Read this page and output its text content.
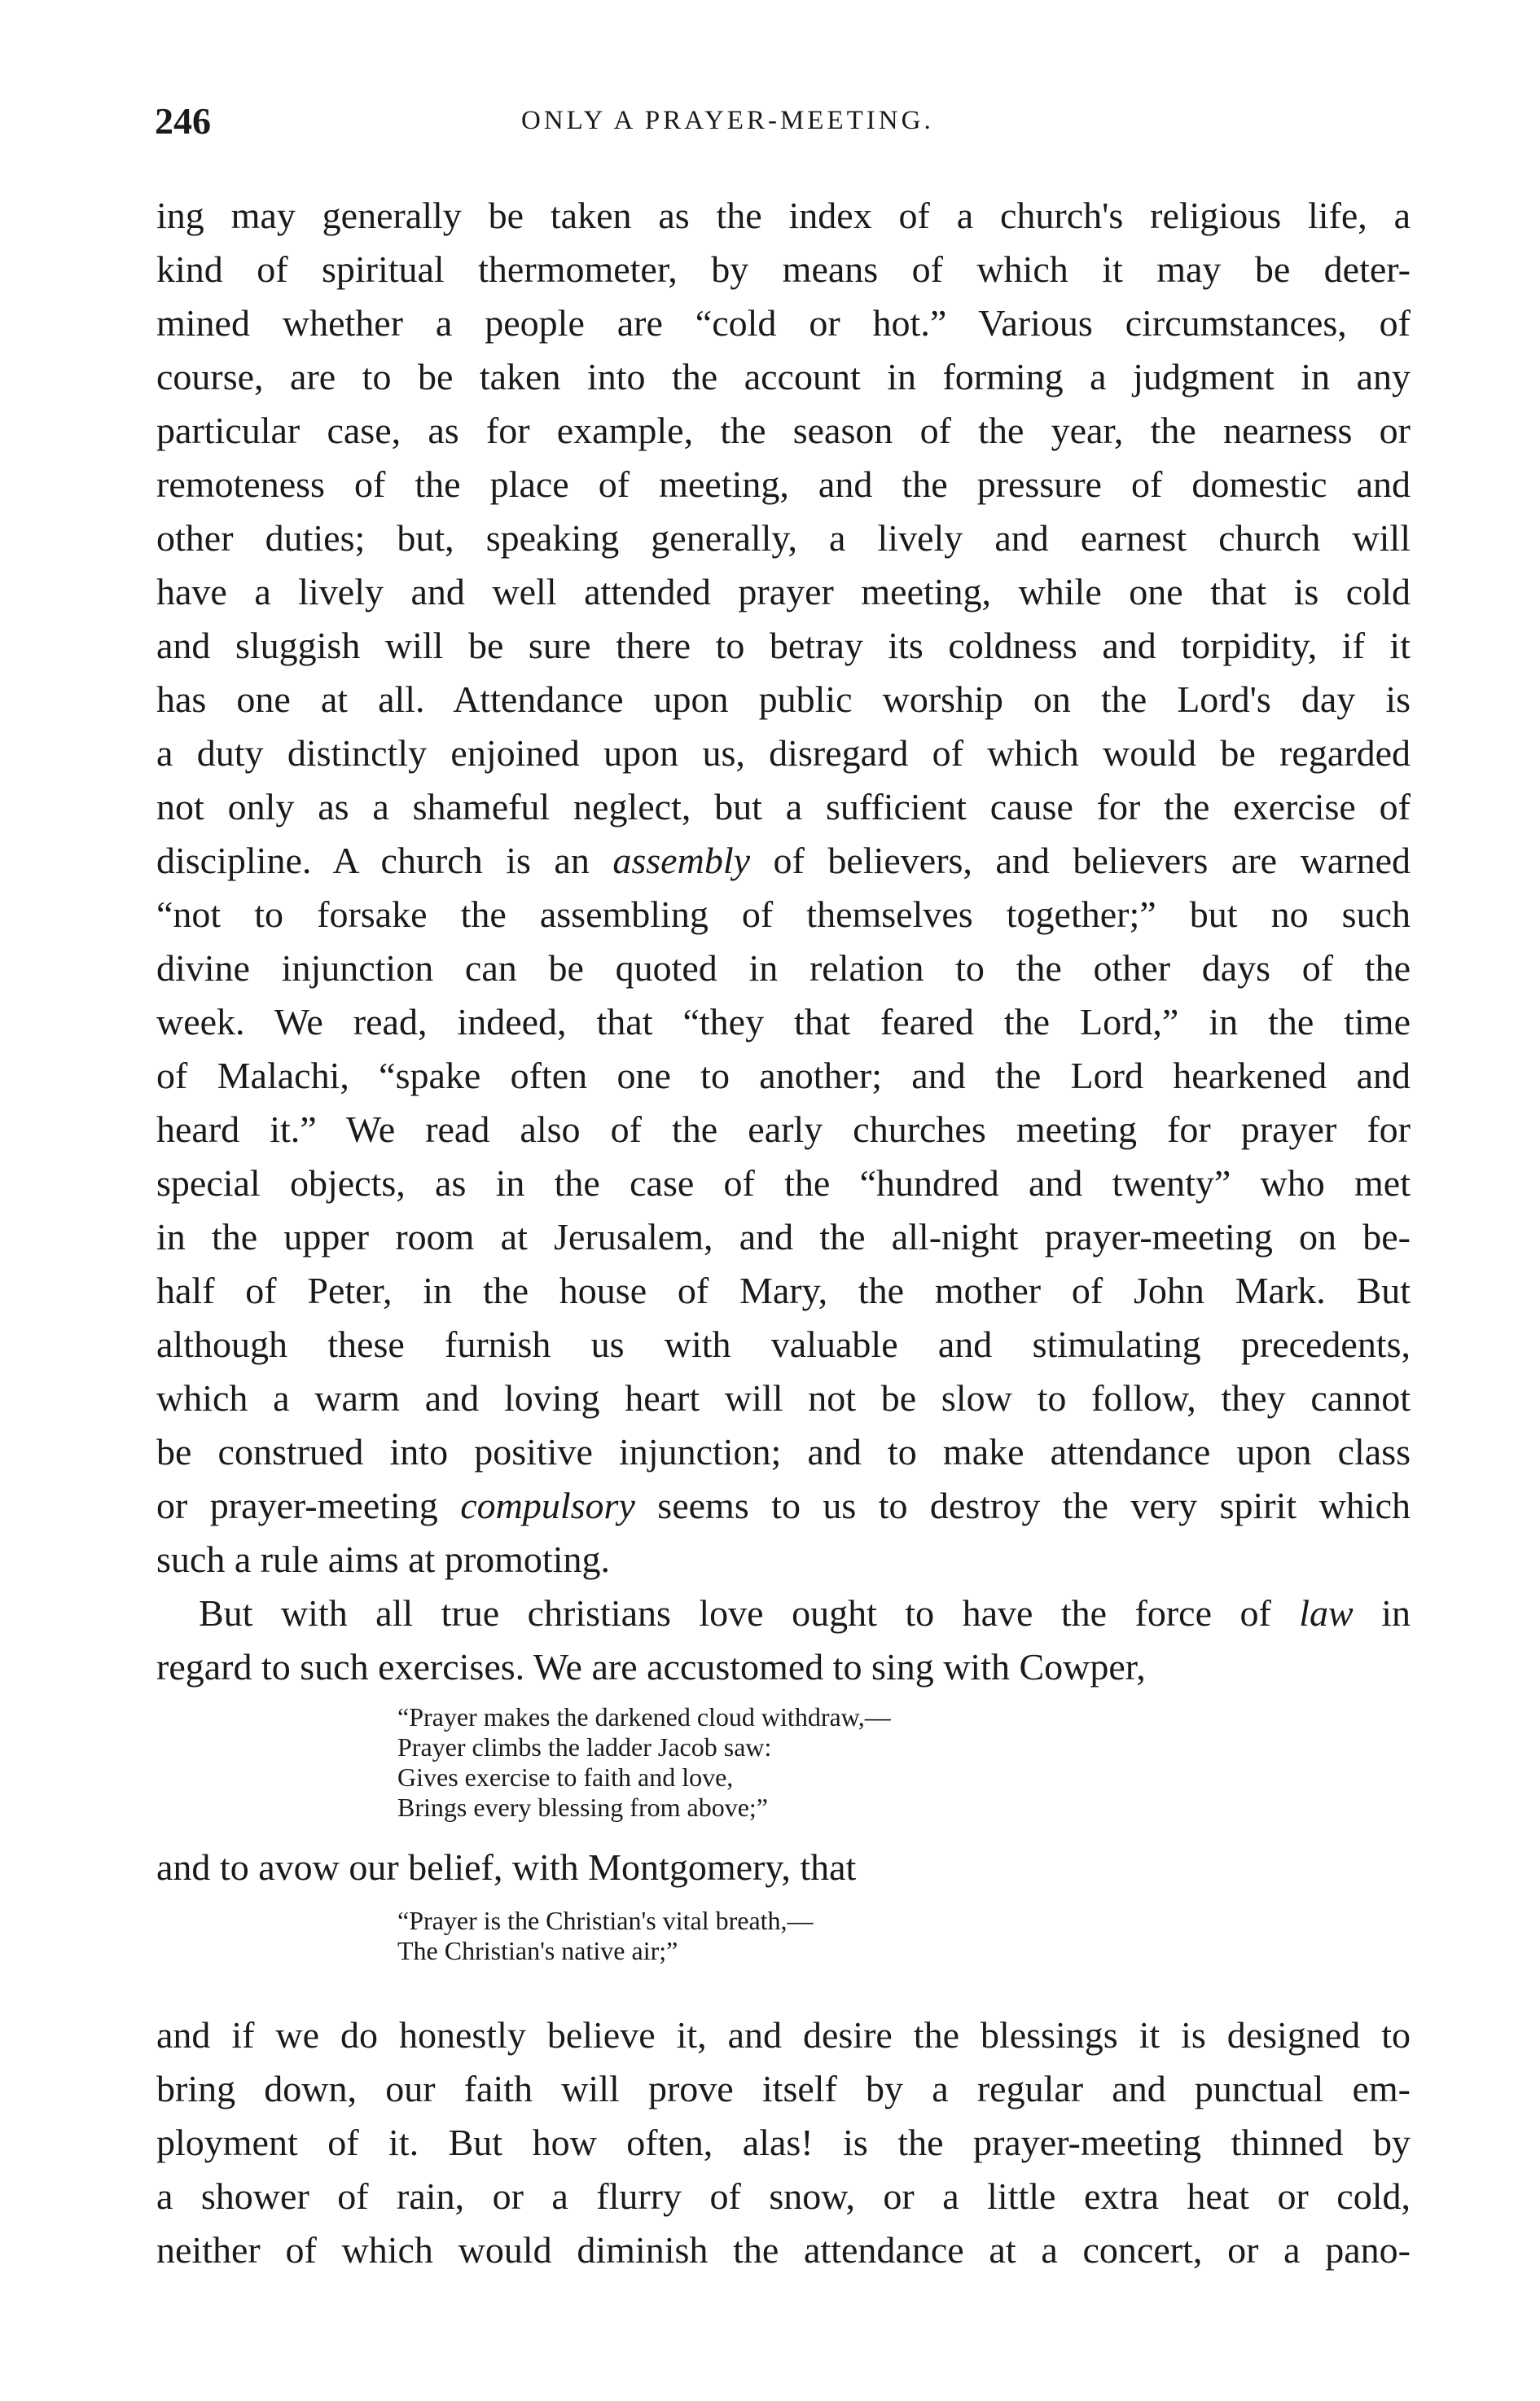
246	ONLY A PRAYER-MEETING.
ing may generally be taken as the index of a church's religious life, a
kind of spiritual thermometer, by means of which it may be deter-
mined whether a people are “cold or hot.” Various circumstances, of
course, are to be taken into the account in forming a judgment in any
particular case, as for example, the season of the year, the nearness or
remoteness of the place of meeting, and the pressure of domestic and
other duties; but, speaking generally, a lively and earnest church will
have a lively and well attended prayer meeting, while one that is cold
and sluggish will be sure there to betray its coldness and torpidity, if it
has one at all. Attendance upon public worship on the Lord's day is
a duty distinctly enjoined upon us, disregard of which would be regarded
not only as a shameful neglect, but a sufficient cause for the exercise of
discipline. A church is an assembly of believers, and believers are warned
“not to forsake the assembling of themselves together;” but no such
divine injunction can be quoted in relation to the other days of the
week. We read, indeed, that “they that feared the Lord,” in the time
of Malachi, “spake often one to another; and the Lord hearkened and
heard it.” We read also of the early churches meeting for prayer for
special objects, as in the case of the “hundred and twenty” who met
in the upper room at Jerusalem, and the all-night prayer-meeting on be-
half of Peter, in the house of Mary, the mother of John Mark. But
although these furnish us with valuable and stimulating precedents,
which a warm and loving heart will not be slow to follow, they cannot
be construed into positive injunction; and to make attendance upon class
or prayer-meeting compulsory seems to us to destroy the very spirit which
such a rule aims at promoting.
But with all true christians love ought to have the force of law in
regard to such exercises. We are accustomed to sing with Cowper,
“Prayer makes the darkened cloud withdraw,—
Prayer climbs the ladder Jacob saw:
Gives exercise to faith and love,
Brings every blessing from above;”
and to avow our belief, with Montgomery, that
“Prayer is the Christian's vital breath,—
The Christian's native air;”
and if we do honestly believe it, and desire the blessings it is designed to
bring down, our faith will prove itself by a regular and punctual em-
ployment of it. But how often, alas! is the prayer-meeting thinned by
a shower of rain, or a flurry of snow, or a little extra heat or cold,
neither of which would diminish the attendance at a concert, or a pano-
